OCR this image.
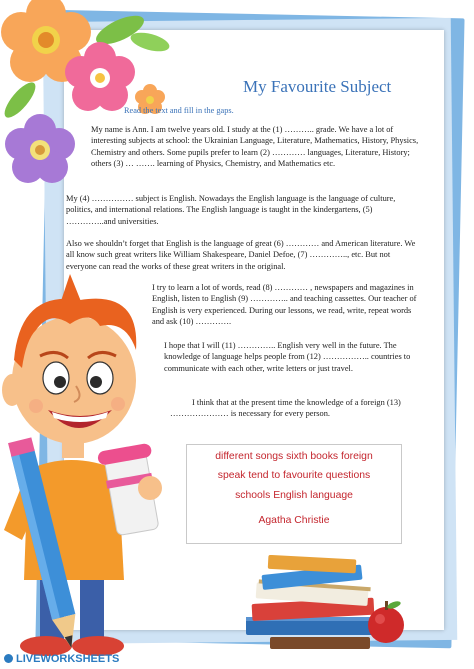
My Favourite Subject
Read the text and fill in the gaps.

My name is Ann. I am twelve years old. I study at the (1) ……….. grade. We have a lot of interesting subjects at school: the Ukrainian Language, Literature, Mathematics, History, Physics, Chemistry and others. Some pupils prefer to learn (2) ………… languages, Literature, History; others (3) … ……. learning of Physics, Chemistry, and Mathematics etc.

My (4) …………… subject is English. Nowadays the English language is the language of culture, politics, and international relations. The English language is taught in the kindergartens, (5) …………..and universities.

Also we shouldn’t forget that English is the language of great (6) ………… and American literature. We all know such great writers like William Shakespeare, Daniel Defoe, (7) ………….., etc. But not everyone can read the works of these great writers in the original.

I try to learn a lot of words, read (8) ………… , newspapers and magazines in English, listen to English (9) ………….. and teaching cassettes. Our teacher of English is very experienced. During our lessons, we read, write, repeat words and ask (10) ………….

I hope that I will (11) ………….. English very well in the future. The knowledge of language helps people from (12) …………….. countries to communicate with each other, write letters or just travel.

I think that at the present time the knowledge of a foreign (13) ………………… is necessary for every person.

different songs sixth books foreign
speak tend to favourite questions
schools English language
Agatha Christie
LIVEWORKSHEETS
